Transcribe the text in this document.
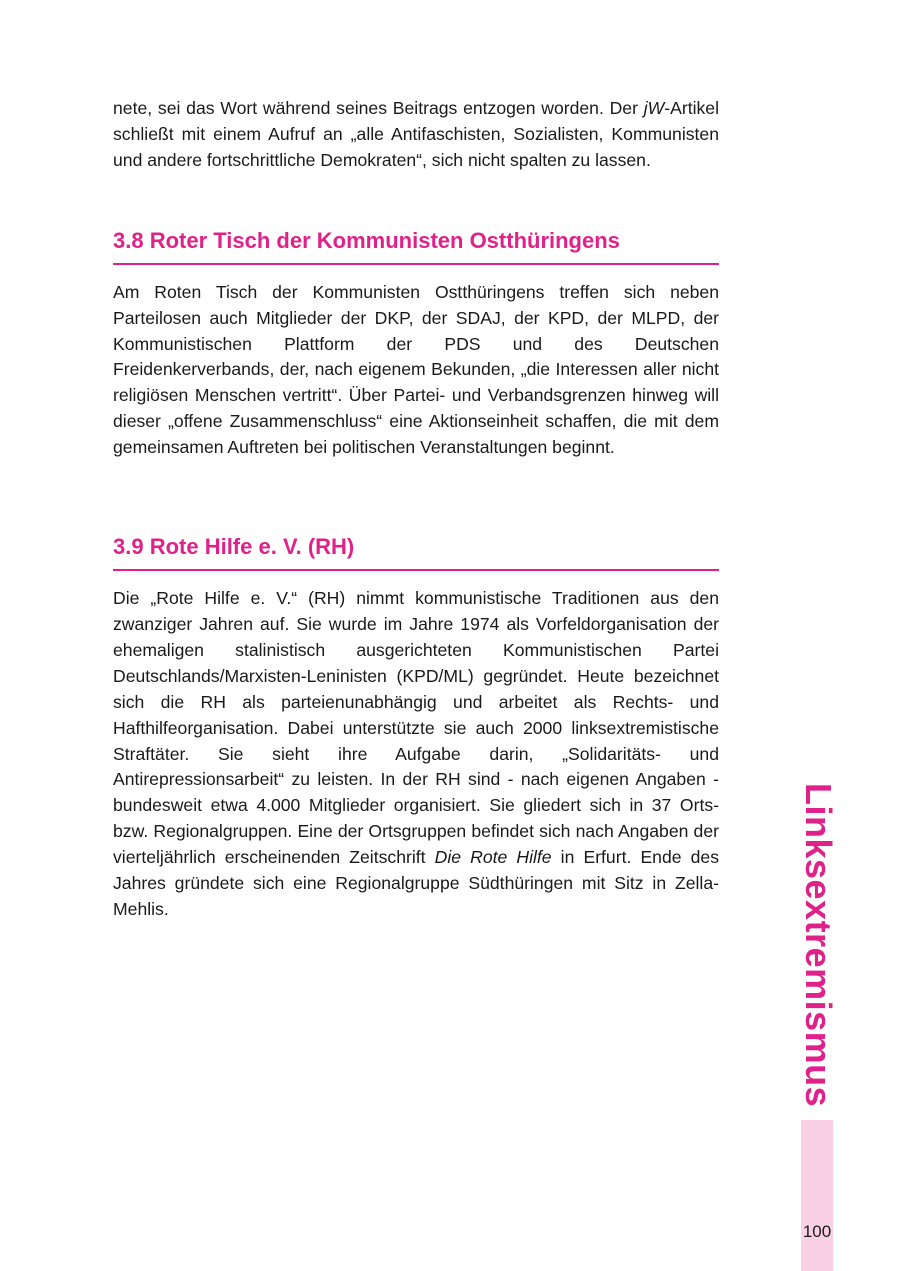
nete, sei das Wort während seines Beitrags entzogen worden. Der jW-Artikel schließt mit einem Aufruf an „alle Antifaschisten, Sozialisten, Kommunisten und andere fortschrittliche Demokraten“, sich nicht spalten zu lassen.

3.8 Roter Tisch der Kommunisten Ostthüringens

Am Roten Tisch der Kommunisten Ostthüringens treffen sich neben Parteilosen auch Mitglieder der DKP, der SDAJ, der KPD, der MLPD, der Kommunistischen Plattform der PDS und des Deutschen Freidenkerverbands, der, nach eigenem Bekunden, „die Interessen aller nicht religiösen Menschen vertritt“. Über Partei- und Verbandsgrenzen hinweg will dieser „offene Zusammenschluss“ eine Aktionseinheit schaffen, die mit dem gemeinsamen Auftreten bei politischen Veranstaltungen beginnt.

3.9 Rote Hilfe e. V. (RH)

Die „Rote Hilfe e. V.“ (RH) nimmt kommunistische Traditionen aus den zwanziger Jahren auf. Sie wurde im Jahre 1974 als Vorfeldorganisation der ehemaligen stalinistisch ausgerichteten Kommunistischen Partei Deutschlands/Marxisten-Leninisten (KPD/ML) gegründet. Heute bezeichnet sich die RH als parteienunabhängig und arbeitet als Rechts- und Hafthilfeorganisation. Dabei unterstützte sie auch 2000 linksextremistische Straftäter. Sie sieht ihre Aufgabe darin, „Solidaritäts- und Antirepressionsarbeit“ zu leisten. In der RH sind - nach eigenen Angaben - bundesweit etwa 4.000 Mitglieder organisiert. Sie gliedert sich in 37 Orts- bzw. Regionalgruppen. Eine der Ortsgruppen befindet sich nach Angaben der vierteljährlich erscheinenden Zeitschrift Die Rote Hilfe in Erfurt. Ende des Jahres gründete sich eine Regionalgruppe Südthüringen mit Sitz in Zella-Mehlis.	Linksextremismus
100
